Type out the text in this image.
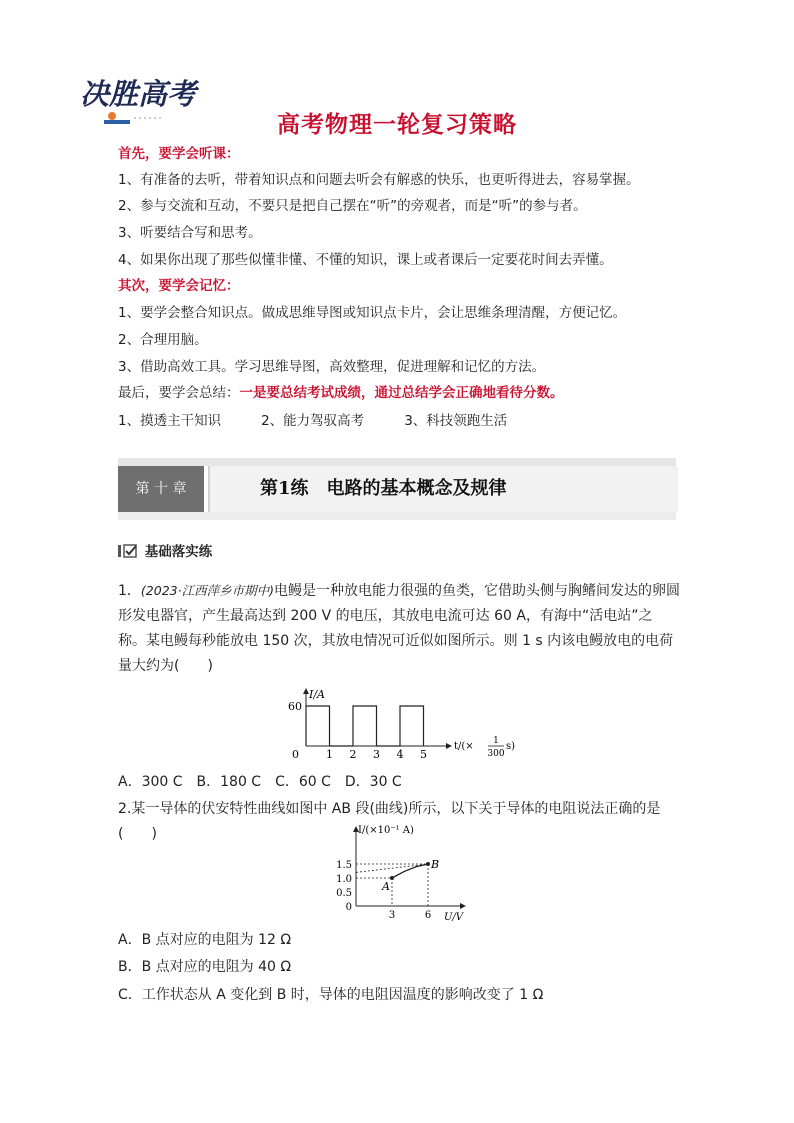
决胜高考
高考物理一轮复习策略
首先，要学会听课：
1、有准备的去听，带着知识点和问题去听会有解惑的快乐，也更听得进去，容易掌握。
2、参与交流和互动，不要只是把自己摆在“听”的旁观者，而是“听”的参与者。
3、听要结合写和思考。
4、如果你出现了那些似懂非懂、不懂的知识，课上或者课后一定要花时间去弄懂。
其次，要学会记忆：
1、要学会整合知识点。做成思维导图或知识点卡片，会让思维条理清醒，方便记忆。
2、合理用脑。
3、借助高效工具。学习思维导图，高效整理，促进理解和记忆的方法。
最后，要学会总结：一是要总结考试成绩，通过总结学会正确地看待分数。
1、摸透主干知识	2、能力驾驭高考	3、科技领跑生活
第 十 章	第1练　电路的基本概念及规律
基础落实练
1．(2023·江西萍乡市期中)电鳗是一种放电能力很强的鱼类，它借助头侧与胸鳍间发达的卵圆形发电器官，产生最高达到 200 V 的电压，其放电电流可达 60 A，有海中“活电站”之称。某电鳗每秒能放电 150 次，其放电情况可近似如图所示。则 1 s 内该电鳗放电的电荷量大约为(　　)
1 2 3 4 5
0
60
I/A
t/(× 1
300
s)
A．300 C　B．180 C　C．60 C　D．30 C
2.某一导体的伏安特性曲线如图中 AB 段(曲线)所示，以下关于导体的电阻说法正确的是(　　)
A
B
0
0.5
1.0
1.5
3	6
I/(×10⁻¹ A)
U/V
A．B 点对应的电阻为 12 Ω
B．B 点对应的电阻为 40 Ω
C．工作状态从 A 变化到 B 时，导体的电阻因温度的影响改变了 1 Ω
